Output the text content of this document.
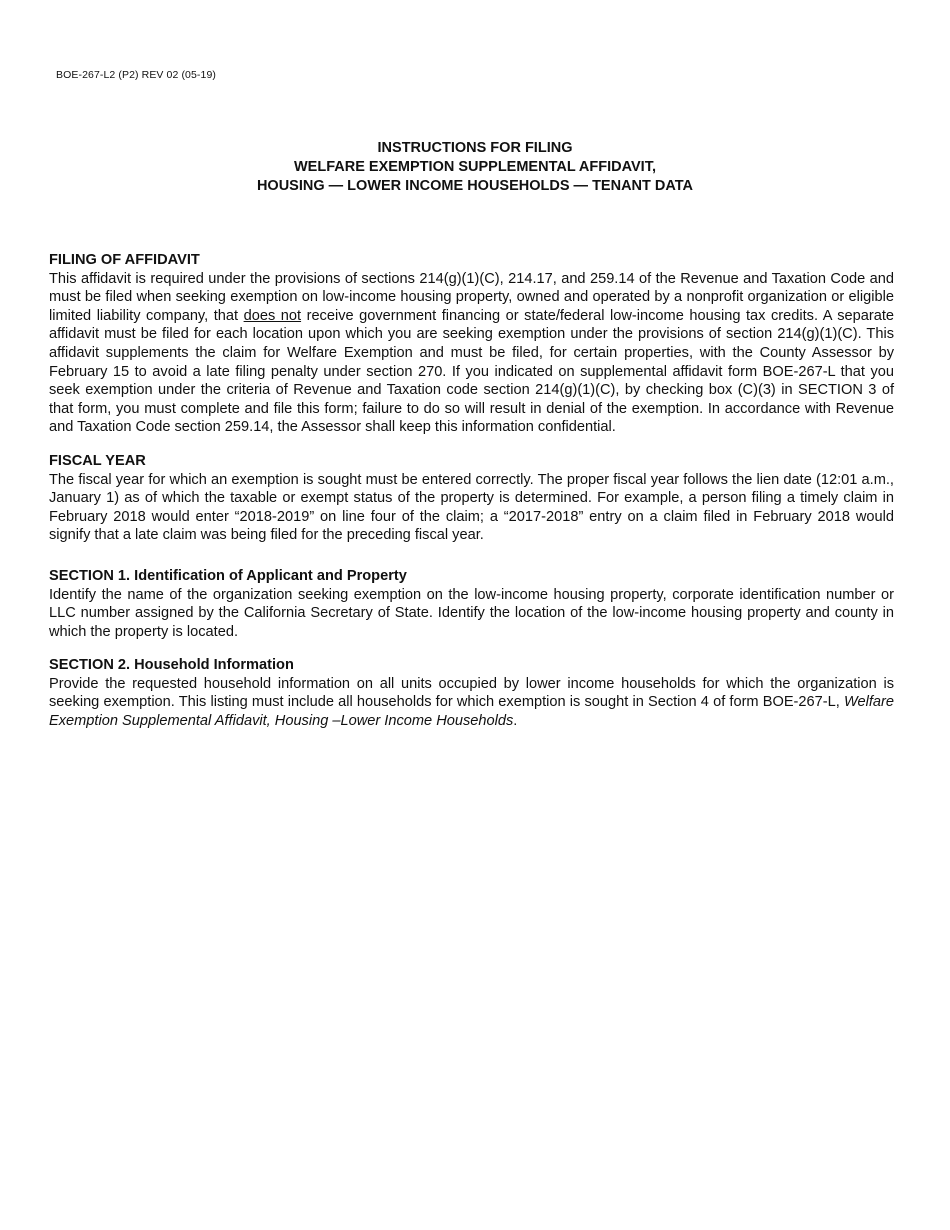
BOE-267-L2 (P2) REV 02 (05-19)
INSTRUCTIONS FOR FILING
WELFARE EXEMPTION SUPPLEMENTAL AFFIDAVIT,
HOUSING — LOWER INCOME HOUSEHOLDS — TENANT DATA

FILING OF AFFIDAVIT

This affidavit is required under the provisions of sections 214(g)(1)(C), 214.17, and 259.14 of the Revenue and Taxation Code and must be filed when seeking exemption on low-income housing property, owned and operated by a nonprofit organization or eligible limited liability company, that does not receive government financing or state/federal low-income housing tax credits. A separate affidavit must be filed for each location upon which you are seeking exemption under the provisions of section 214(g)(1)(C). This affidavit supplements the claim for Welfare Exemption and must be filed, for certain properties, with the County Assessor by February 15 to avoid a late filing penalty under section 270. If you indicated on supplemental affidavit form BOE-267-L that you seek exemption under the criteria of Revenue and Taxation code section 214(g)(1)(C), by checking box (C)(3) in SECTION 3 of that form, you must complete and file this form; failure to do so will result in denial of the exemption. In accordance with Revenue and Taxation Code section 259.14, the Assessor shall keep this information confidential.

FISCAL YEAR

The fiscal year for which an exemption is sought must be entered correctly. The proper fiscal year follows the lien date (12:01 a.m., January 1) as of which the taxable or exempt status of the property is determined. For example, a person filing a timely claim in February 2018 would enter “2018-2019” on line four of the claim; a “2017-2018” entry on a claim filed in February 2018 would signify that a late claim was being filed for the preceding fiscal year.

SECTION 1. Identification of Applicant and Property

Identify the name of the organization seeking exemption on the low-income housing property, corporate identification number or LLC number assigned by the California Secretary of State. Identify the location of the low-income housing property and county in which the property is located.

SECTION 2. Household Information

Provide the requested household information on all units occupied by lower income households for which the organization is seeking exemption. This listing must include all households for which exemption is sought in Section 4 of form BOE-267-L, Welfare Exemption Supplemental Affidavit, Housing –Lower Income Households.
